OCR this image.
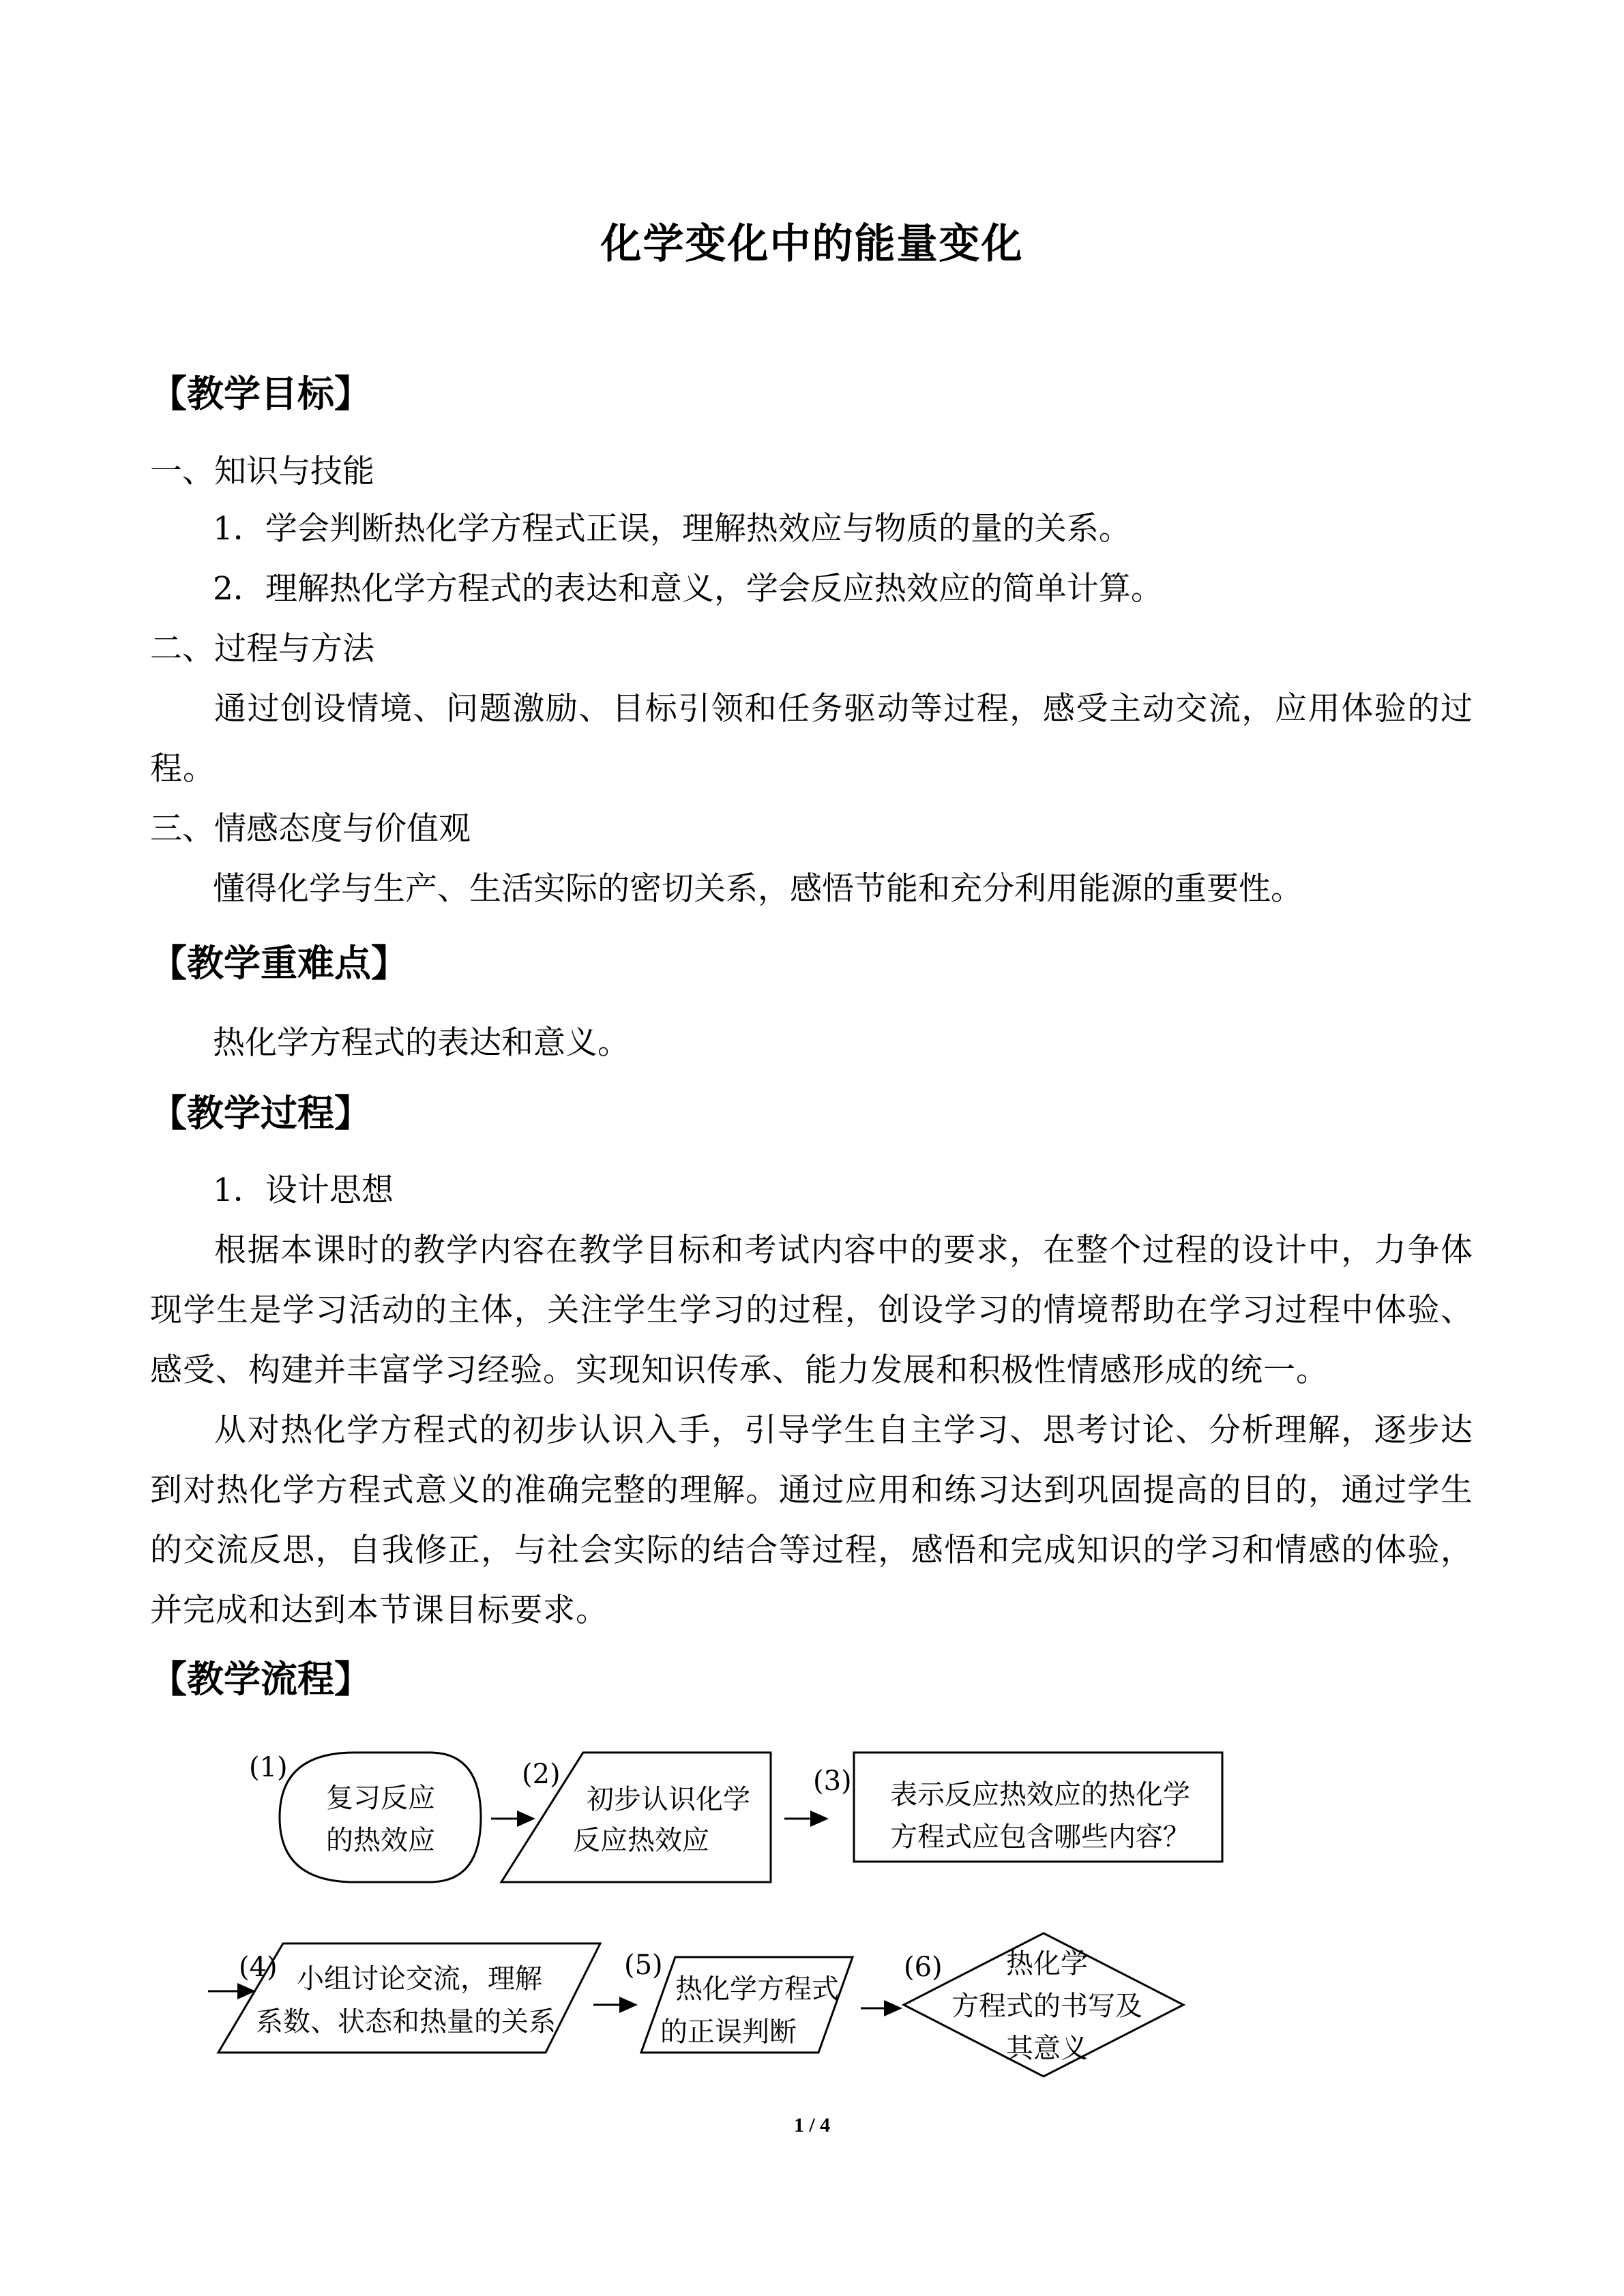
化学变化中的能量变化
【教学目标】

一、知识与技能

1．学会判断热化学方程式正误，理解热效应与物质的量的关系。

2．理解热化学方程式的表达和意义，学会反应热效应的简单计算。

二、过程与方法

通过创设情境、问题激励、目标引领和任务驱动等过程，感受主动交流，应用体验的过程。

三、情感态度与价值观

懂得化学与生产、生活实际的密切关系，感悟节能和充分利用能源的重要性。

【教学重难点】

热化学方程式的表达和意义。

【教学过程】

1．设计思想

根据本课时的教学内容在教学目标和考试内容中的要求，在整个过程的设计中，力争体现学生是学习活动的主体，关注学生学习的过程，创设学习的情境帮助在学习过程中体验、感受、构建并丰富学习经验。实现知识传承、能力发展和积极性情感形成的统一。

从对热化学方程式的初步认识入手，引导学生自主学习、思考讨论、分析理解，逐步达到对热化学方程式意义的准确完整的理解。通过应用和练习达到巩固提高的目的，通过学生的交流反思，自我修正，与社会实际的结合等过程，感悟和完成知识的学习和情感的体验，并完成和达到本节课目标要求。

【教学流程】
(1)
复习反应
的热效应
(2)
初步认识化学
反应热效应
(3) 表示反应热效应的热化学
方程式应包含哪些内容？
(4) 小组讨论交流，理解
系数、状态和热量的关系
(5)
热化学方程式
的正误判断
(6) 热化学
方程式的书写及
其意义
1 / 4
